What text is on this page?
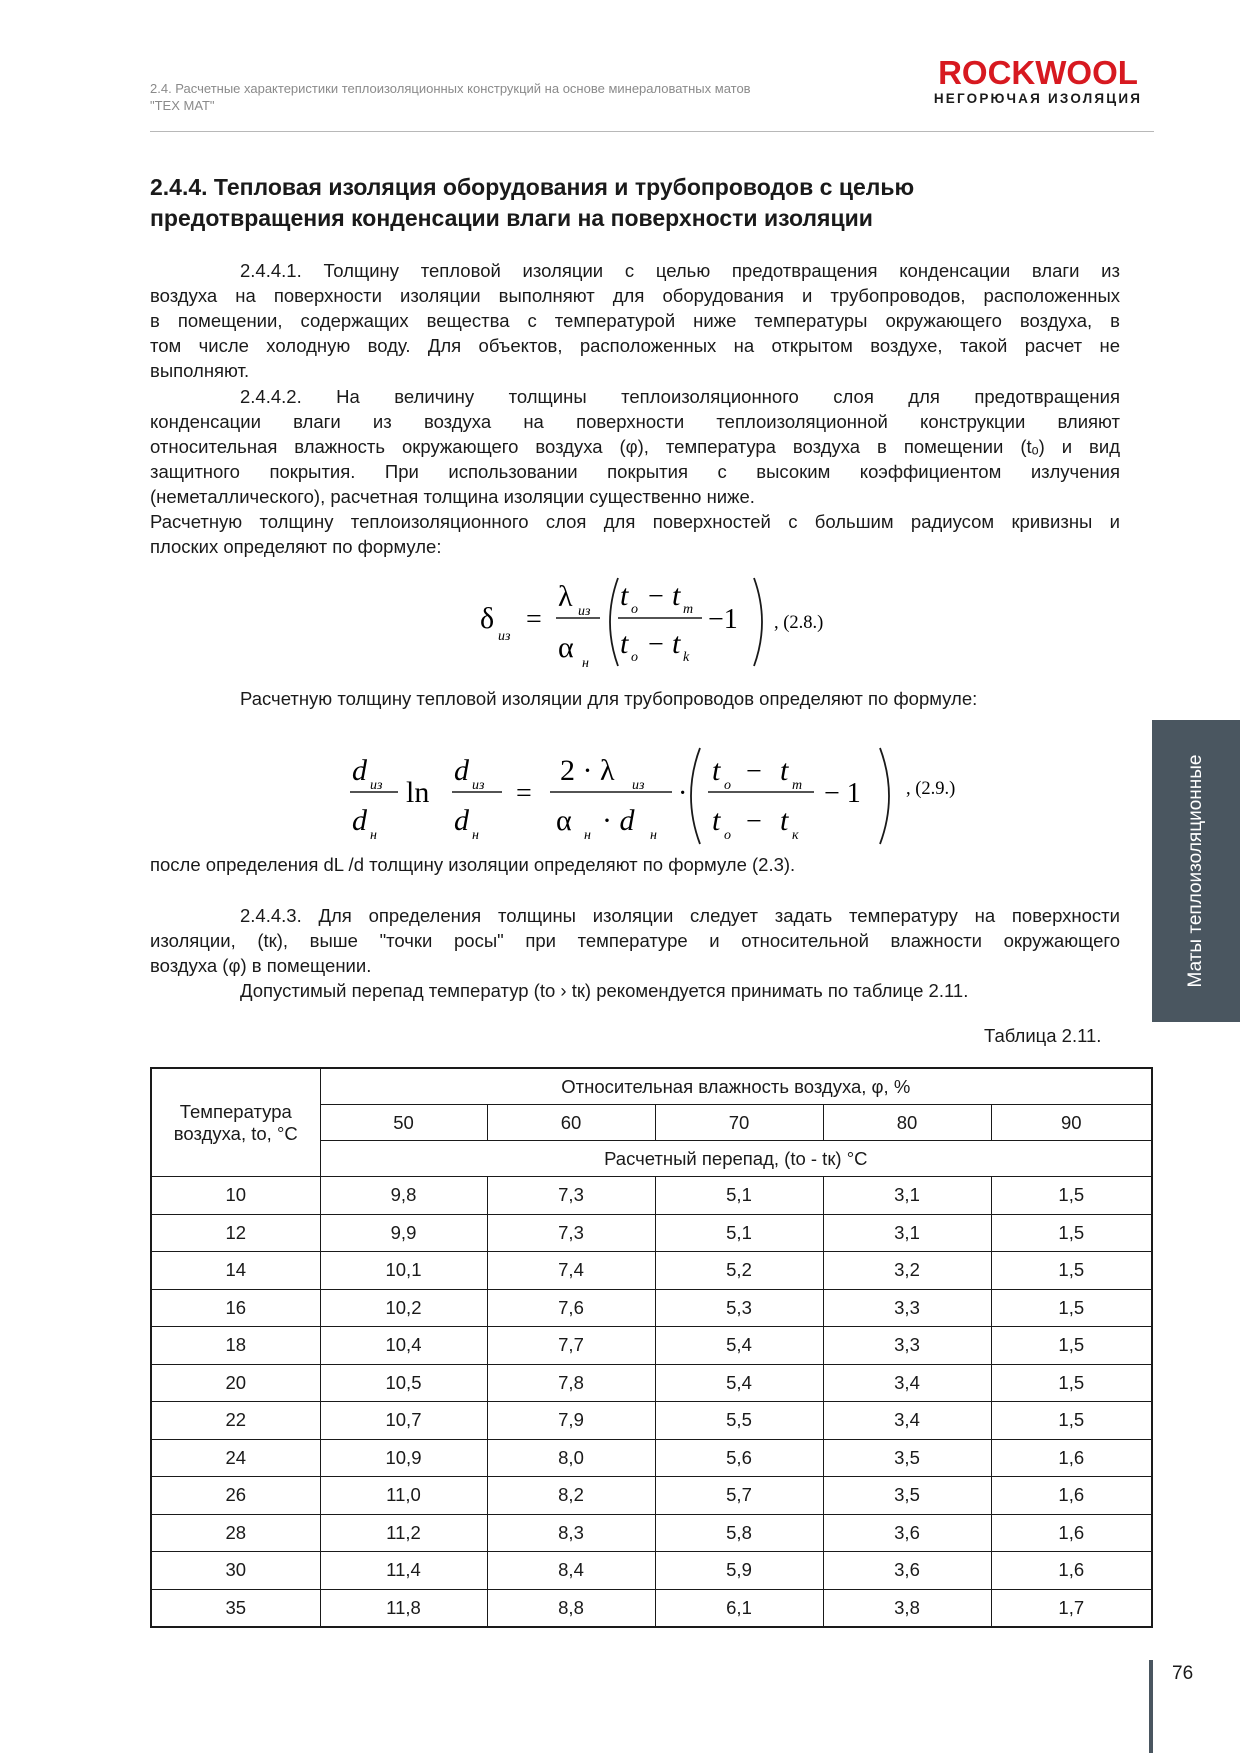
2.4. Расчетные характеристики теплоизоляционных конструкций на основе минераловатных матов
"ТЕХ МАТ"
ROCKWOOL
НЕГОРЮЧАЯ ИЗОЛЯЦИЯ
2.4.4. Тепловая изоляция оборудования и трубопроводов с целью
предотвращения конденсации влаги на поверхности изоляции
2.4.4.1. Толщину тепловой изоляции с целью предотвращения конденсации влаги из
воздуха на поверхности изоляции выполняют для оборудования и трубопроводов, расположенных
в помещении, содержащих вещества с температурой ниже температуры окружающего воздуха, в
том числе холодную воду. Для объектов, расположенных на открытом воздухе, такой расчет не
выполняют.
2.4.4.2. На величину толщины теплоизоляционного слоя для предотвращения
конденсации влаги из воздуха на поверхности теплоизоляционной конструкции влияют
относительная влажность окружающего воздуха (φ), температура воздуха в помещении (tₒ) и вид
защитного покрытия. При использовании покрытия с высоким коэффициентом излучения
(неметаллического), расчетная толщина изоляции существенно ниже.
Расчетную толщину теплоизоляционного слоя для поверхностей с большим радиусом кривизны и
плоских определяют по формуле:
δ
из
=
λ из
α н
t о − t m
t о − t k
−1 , (2.8.)
Расчетную толщину тепловой изоляции для трубопроводов определяют по формуле:
d из
d н
ln
d из
d н
=
2 · λ из
α н · d н
·
t о − t m
t о − t к
− 1 , (2.9.)
после определения dL /d толщину изоляции определяют по формуле (2.3).
2.4.4.3. Для определения толщины изоляции следует задать температуру на поверхности
изоляции, (tк), выше "точки росы" при температуре и относительной влажности окружающего
воздуха (φ) в помещении.
Допустимый перепад температур (tо › tк) рекомендуется принимать по таблице 2.11.
Таблица 2.11.
Температура
воздуха, tо, °С	Относительная влажность воздуха, φ, %				
	50	60	70	80	90
	Расчетный перепад, (tо - tк) °С				
10	9,8	7,3	5,1	3,1	1,5
12	9,9	7,3	5,1	3,1	1,5
14	10,1	7,4	5,2	3,2	1,5
16	10,2	7,6	5,3	3,3	1,5
18	10,4	7,7	5,4	3,3	1,5
20	10,5	7,8	5,4	3,4	1,5
22	10,7	7,9	5,5	3,4	1,5
24	10,9	8,0	5,6	3,5	1,6
26	11,0	8,2	5,7	3,5	1,6
28	11,2	8,3	5,8	3,6	1,6
30	11,4	8,4	5,9	3,6	1,6
35	11,8	8,8	6,1	3,8	1,7
Маты теплоизоляционные
76
